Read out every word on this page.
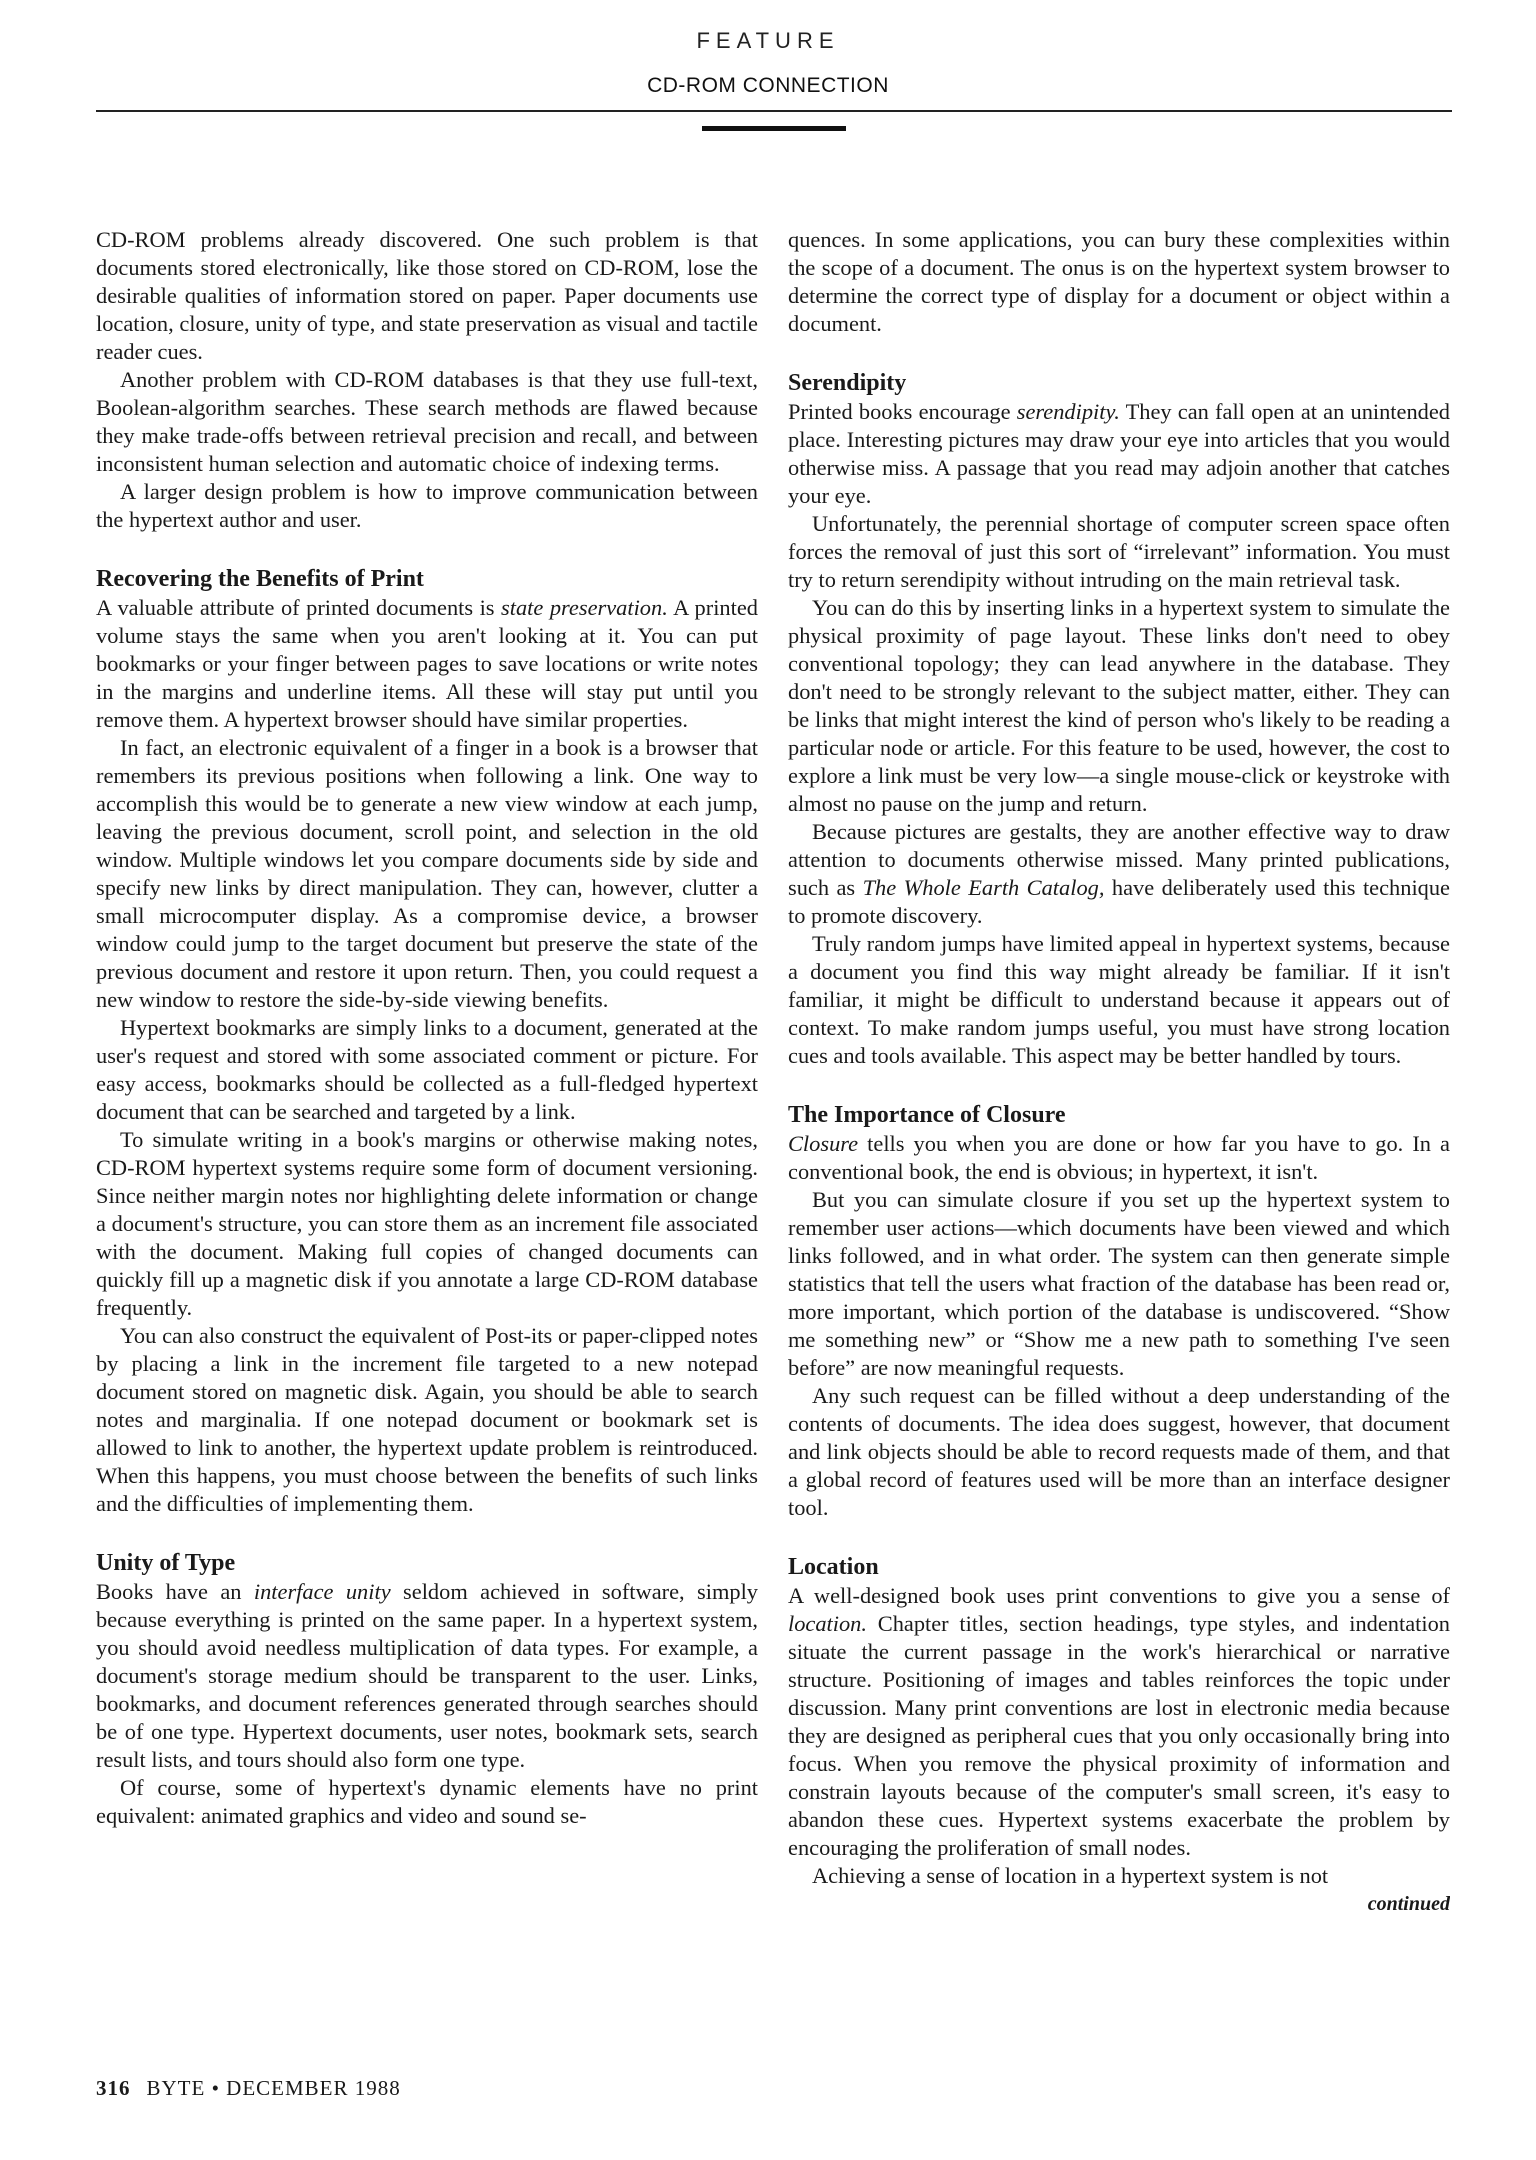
FEATURE
CD-ROM CONNECTION

CD-ROM problems already discovered. One such problem is that documents stored electronically, like those stored on CD-ROM, lose the desirable qualities of information stored on paper. Paper documents use location, closure, unity of type, and state preservation as visual and tactile reader cues.

Another problem with CD-ROM databases is that they use full-text, Boolean-algorithm searches. These search methods are flawed because they make trade-offs between retrieval precision and recall, and between inconsistent human selection and automatic choice of indexing terms.

A larger design problem is how to improve communication between the hypertext author and user.

Recovering the Benefits of Print

A valuable attribute of printed documents is state preservation. A printed volume stays the same when you aren't looking at it. You can put bookmarks or your finger between pages to save locations or write notes in the margins and underline items. All these will stay put until you remove them. A hypertext browser should have similar properties.

In fact, an electronic equivalent of a finger in a book is a browser that remembers its previous positions when following a link. One way to accomplish this would be to generate a new view window at each jump, leaving the previous document, scroll point, and selection in the old window. Multiple windows let you compare documents side by side and specify new links by direct manipulation. They can, however, clutter a small microcomputer display. As a compromise device, a browser window could jump to the target document but preserve the state of the previous document and restore it upon return. Then, you could request a new window to restore the side-by-side viewing benefits.

Hypertext bookmarks are simply links to a document, generated at the user's request and stored with some associated comment or picture. For easy access, bookmarks should be collected as a full-fledged hypertext document that can be searched and targeted by a link.

To simulate writing in a book's margins or otherwise making notes, CD-ROM hypertext systems require some form of document versioning. Since neither margin notes nor highlighting delete information or change a document's structure, you can store them as an increment file associated with the document. Making full copies of changed documents can quickly fill up a magnetic disk if you annotate a large CD-ROM database frequently.

You can also construct the equivalent of Post-its or paper-clipped notes by placing a link in the increment file targeted to a new notepad document stored on magnetic disk. Again, you should be able to search notes and marginalia. If one notepad document or bookmark set is allowed to link to another, the hypertext update problem is reintroduced. When this happens, you must choose between the benefits of such links and the difficulties of implementing them.

Unity of Type

Books have an interface unity seldom achieved in software, simply because everything is printed on the same paper. In a hypertext system, you should avoid needless multiplication of data types. For example, a document's storage medium should be transparent to the user. Links, bookmarks, and document references generated through searches should be of one type. Hypertext documents, user notes, bookmark sets, search result lists, and tours should also form one type.

Of course, some of hypertext's dynamic elements have no print equivalent: animated graphics and video and sound se-

quences. In some applications, you can bury these complexities within the scope of a document. The onus is on the hypertext system browser to determine the correct type of display for a document or object within a document.

Serendipity

Printed books encourage serendipity. They can fall open at an unintended place. Interesting pictures may draw your eye into articles that you would otherwise miss. A passage that you read may adjoin another that catches your eye.

Unfortunately, the perennial shortage of computer screen space often forces the removal of just this sort of “irrelevant” information. You must try to return serendipity without intruding on the main retrieval task.

You can do this by inserting links in a hypertext system to simulate the physical proximity of page layout. These links don't need to obey conventional topology; they can lead anywhere in the database. They don't need to be strongly relevant to the subject matter, either. They can be links that might interest the kind of person who's likely to be reading a particular node or article. For this feature to be used, however, the cost to explore a link must be very low—a single mouse-click or keystroke with almost no pause on the jump and return.

Because pictures are gestalts, they are another effective way to draw attention to documents otherwise missed. Many printed publications, such as The Whole Earth Catalog, have deliberately used this technique to promote discovery.

Truly random jumps have limited appeal in hypertext systems, because a document you find this way might already be familiar. If it isn't familiar, it might be difficult to understand because it appears out of context. To make random jumps useful, you must have strong location cues and tools available. This aspect may be better handled by tours.

The Importance of Closure

Closure tells you when you are done or how far you have to go. In a conventional book, the end is obvious; in hypertext, it isn't.

But you can simulate closure if you set up the hypertext system to remember user actions—which documents have been viewed and which links followed, and in what order. The system can then generate simple statistics that tell the users what fraction of the database has been read or, more important, which portion of the database is undiscovered. “Show me something new” or “Show me a new path to something I've seen before” are now meaningful requests.

Any such request can be filled without a deep understanding of the contents of documents. The idea does suggest, however, that document and link objects should be able to record requests made of them, and that a global record of features used will be more than an interface designer tool.

Location

A well-designed book uses print conventions to give you a sense of location. Chapter titles, section headings, type styles, and indentation situate the current passage in the work's hierarchical or narrative structure. Positioning of images and tables reinforces the topic under discussion. Many print conventions are lost in electronic media because they are designed as peripheral cues that you only occasionally bring into focus. When you remove the physical proximity of information and constrain layouts because of the computer's small screen, it's easy to abandon these cues. Hypertext systems exacerbate the problem by encouraging the proliferation of small nodes.

Achieving a sense of location in a hypertext system is not

continued

316 BYTE • DECEMBER 1988
